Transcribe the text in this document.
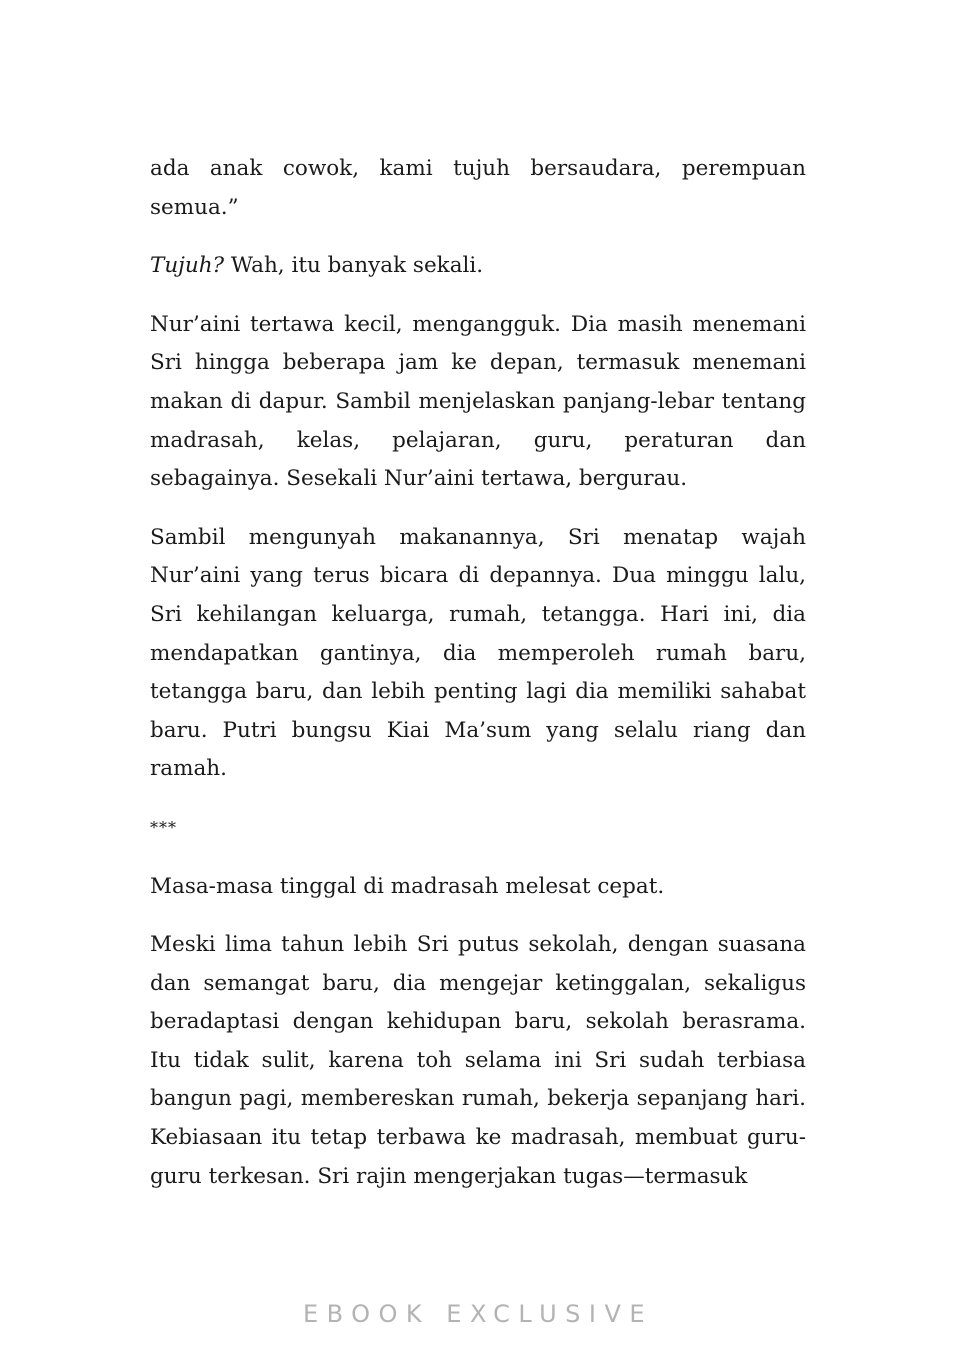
ada anak cowok, kami tujuh bersaudara, perempuan semua.”

Tujuh? Wah, itu banyak sekali.

Nur’aini tertawa kecil, mengangguk. Dia masih menemani Sri hingga beberapa jam ke depan, termasuk menemani makan di dapur. Sambil menjelaskan panjang-lebar tentang madrasah, kelas, pelajaran, guru, peraturan dan sebagainya. Sesekali Nur’aini tertawa, bergurau.

Sambil mengunyah makanannya, Sri menatap wajah Nur’aini yang terus bicara di depannya. Dua minggu lalu, Sri kehilangan keluarga, rumah, tetangga. Hari ini, dia mendapatkan gantinya, dia memperoleh rumah baru, tetangga baru, dan lebih penting lagi dia memiliki sahabat baru. Putri bungsu Kiai Ma’sum yang selalu riang dan ramah.

***

Masa-masa tinggal di madrasah melesat cepat.

Meski lima tahun lebih Sri putus sekolah, dengan suasana dan semangat baru, dia mengejar ketinggalan, sekaligus beradaptasi dengan kehidupan baru, sekolah berasrama. Itu tidak sulit, karena toh selama ini Sri sudah terbiasa bangun pagi, membereskan rumah, bekerja sepanjang hari. Kebiasaan itu tetap terbawa ke madrasah, membuat guru-guru terkesan. Sri rajin mengerjakan tugas—termasuk

EBOOK EXCLUSIVE
